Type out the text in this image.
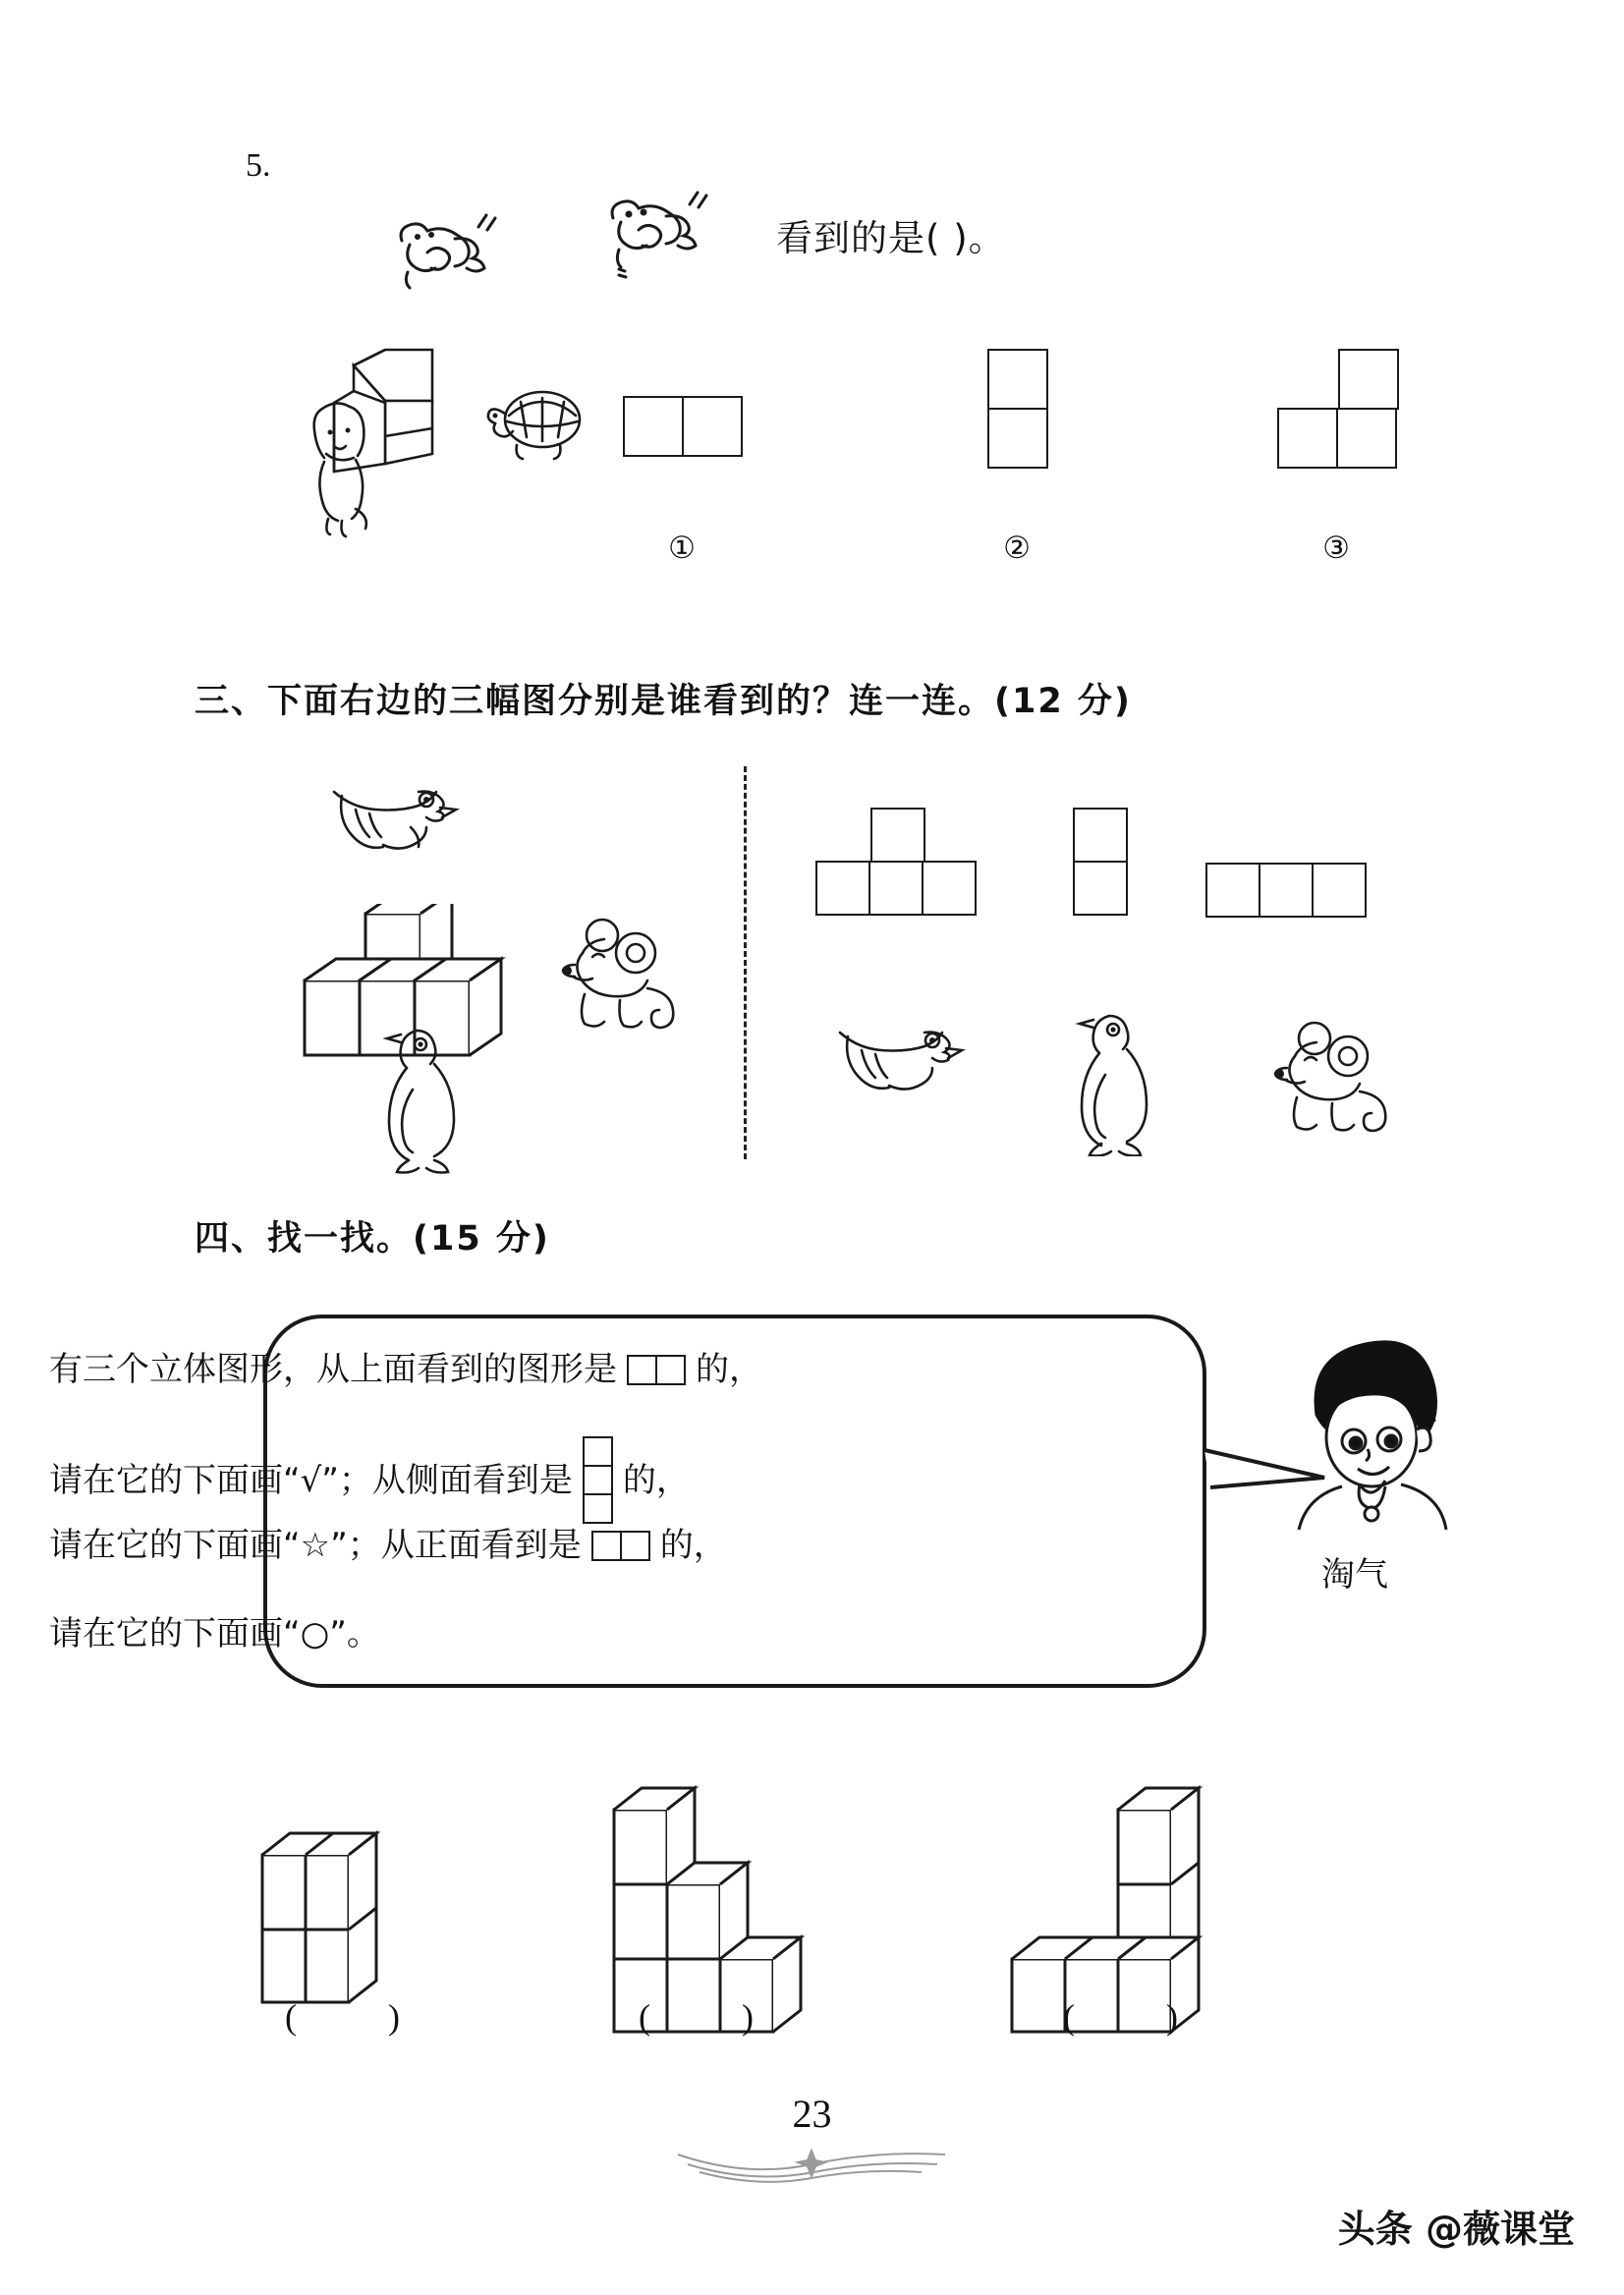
5.
看到的是( )。
①	②	③
三、下面右边的三幅图分别是谁看到的？连一连。(12 分)
四、找一找。(15 分)
有三个立体图形，从上面看到的图形是 的，
请在它的下面画“√”；从侧面看到是 的，
请在它的下面画“☆”；从正面看到是 的，
请在它的下面画“○”。
淘气
( )	( )	( )
23
头条 @薇课堂
